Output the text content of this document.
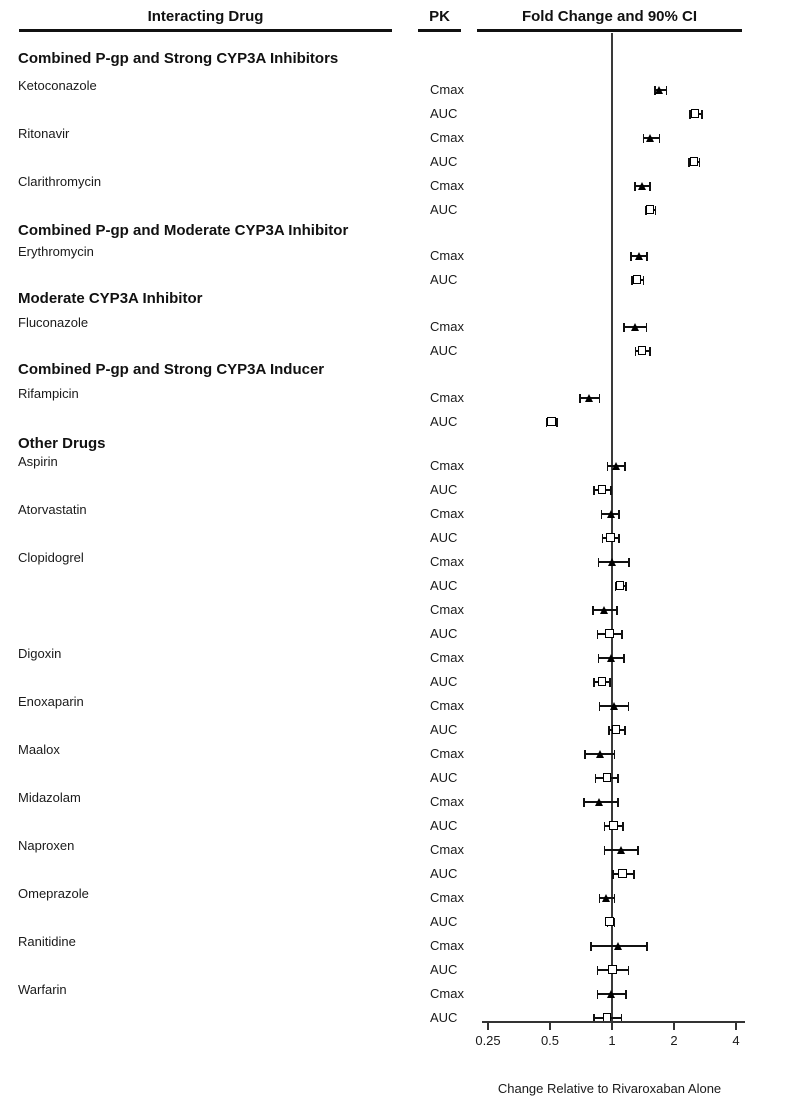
Interacting Drug	PK	Fold Change and 90% CI
Combined P-gp and Strong CYP3A Inhibitors
Ketoconazole	Cmax
AUC
Ritonavir	Cmax
AUC
Clarithromycin	Cmax
AUC
Combined P-gp and Moderate CYP3A Inhibitor
Erythromycin	Cmax
AUC
Moderate CYP3A Inhibitor
Fluconazole	Cmax
AUC
Combined P-gp and Strong CYP3A Inducer
Rifampicin	Cmax
AUC
Other Drugs
Aspirin	Cmax
AUC
Atorvastatin	Cmax
AUC
Clopidogrel	Cmax
AUC
Cmax
AUC
Digoxin	Cmax
AUC
Enoxaparin	Cmax
AUC
Maalox	Cmax
AUC
Midazolam	Cmax
AUC
Naproxen	Cmax
AUC
Omeprazole	Cmax
AUC
Ranitidine	Cmax
AUC
Warfarin	Cmax
AUC
0.25	0.5	1	2	4
Change Relative to Rivaroxaban Alone
